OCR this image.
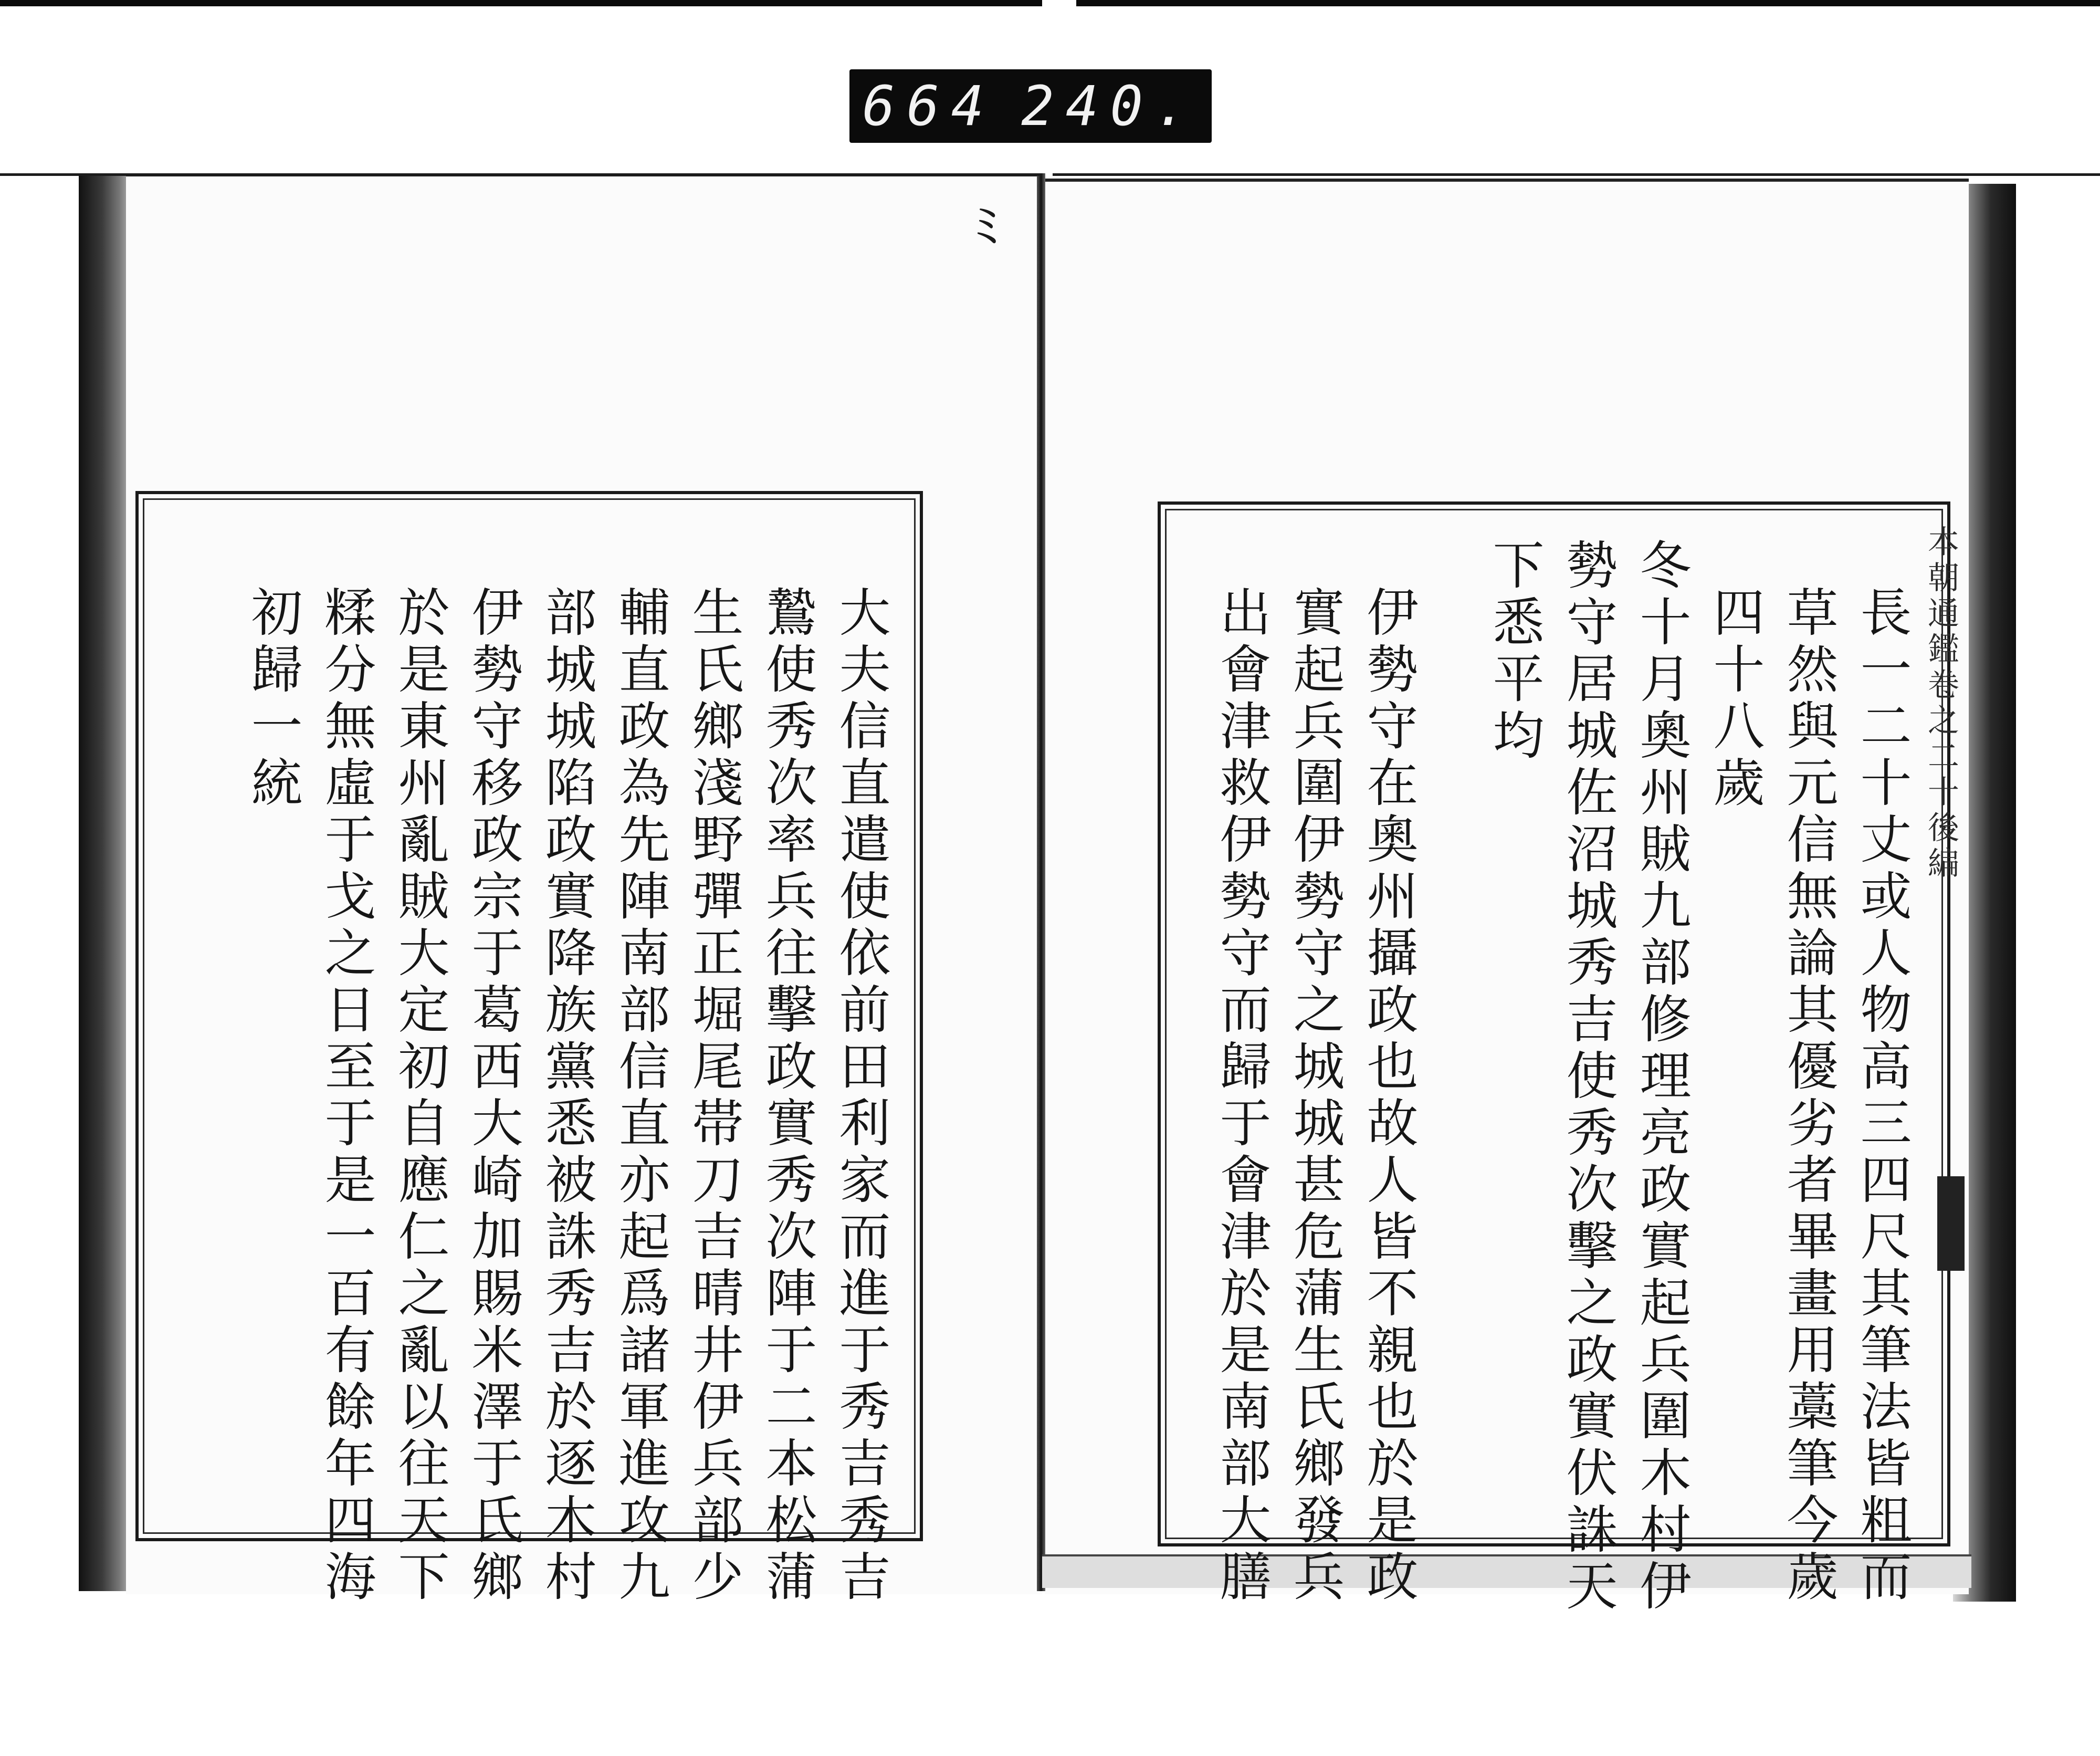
664 240.
ﾐ
大夫信直遣使依前田利家而進于秀吉秀吉
鷙使秀次率兵往擊政實秀次陣于二本松蒲
生氏鄉淺野彈正堀尾帯刀吉晴井伊兵部少
輔直政為先陣南部信直亦起爲諸軍進攻九
部城城陷政實降族黨悉被誅秀吉於逐木村
伊勢守移政宗于葛西大崎加賜米澤于氏鄉
於是東州亂賊大定初自應仁之亂以往天下
糅分無虛于戈之日至于是一百有餘年四海
初歸一統	長一二十丈或人物高三四尺其筆法皆粗而
草然與元信無論其優劣者畢畫用藁筆今歲
四十八歲
冬十月奧州賊九部修理亮政實起兵圍木村伊
勢守居城佐沼城秀吉使秀次擊之政實伏誅天
下悉平均
伊勢守在奧州攝政也故人皆不親也於是政
實起兵圍伊勢守之城城甚危蒲生氏鄉發兵
出會津救伊勢守而歸于會津於是南部大膳	本朝通鑑卷之二十後編
